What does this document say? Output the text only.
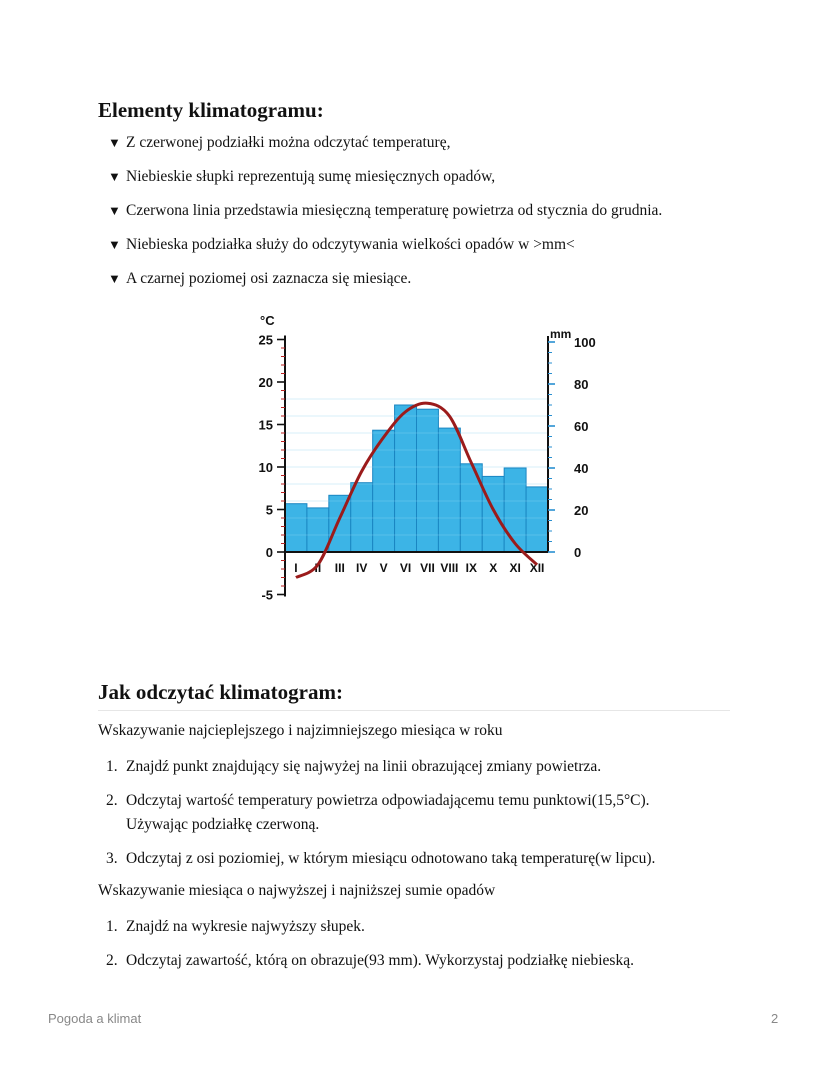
Elementy klimatogramu:
▼ Z czerwonej podziałki można odczytać temperaturę,
▼ Niebieskie słupki reprezentują sumę miesięcznych opadów,
▼ Czerwona linia przedstawia miesięczną temperaturę powietrza od stycznia do grudnia.
▼ Niebieska podziałka służy do odczytywania wielkości opadów w >mm<
▼ A czarnej poziomej osi zaznacza się miesiące.
25
20
15
10
5
0
-5
100
80
60
40
20
0
I II III IV V VI VII VIII IX X XI XII
°C
mm
Jak odczytać klimatogram:

Wskazywanie najcieplejszego i najzimniejszego miesiąca w roku

1. Znajdź punkt znajdujący się najwyżej na linii obrazującej zmiany powietrza.
2. Odczytaj wartość temperatury powietrza odpowiadającemu temu punktowi(15,5°C).
Używając podziałkę czerwoną.
3. Odczytaj z osi poziomiej, w którym miesiącu odnotowano taką temperaturę(w lipcu).

Wskazywanie miesiąca o najwyższej i najniższej sumie opadów

1. Znajdź na wykresie najwyższy słupek.
2. Odczytaj zawartość, którą on obrazuje(93 mm). Wykorzystaj podziałkę niebieską.
Pogoda a klimat	2
